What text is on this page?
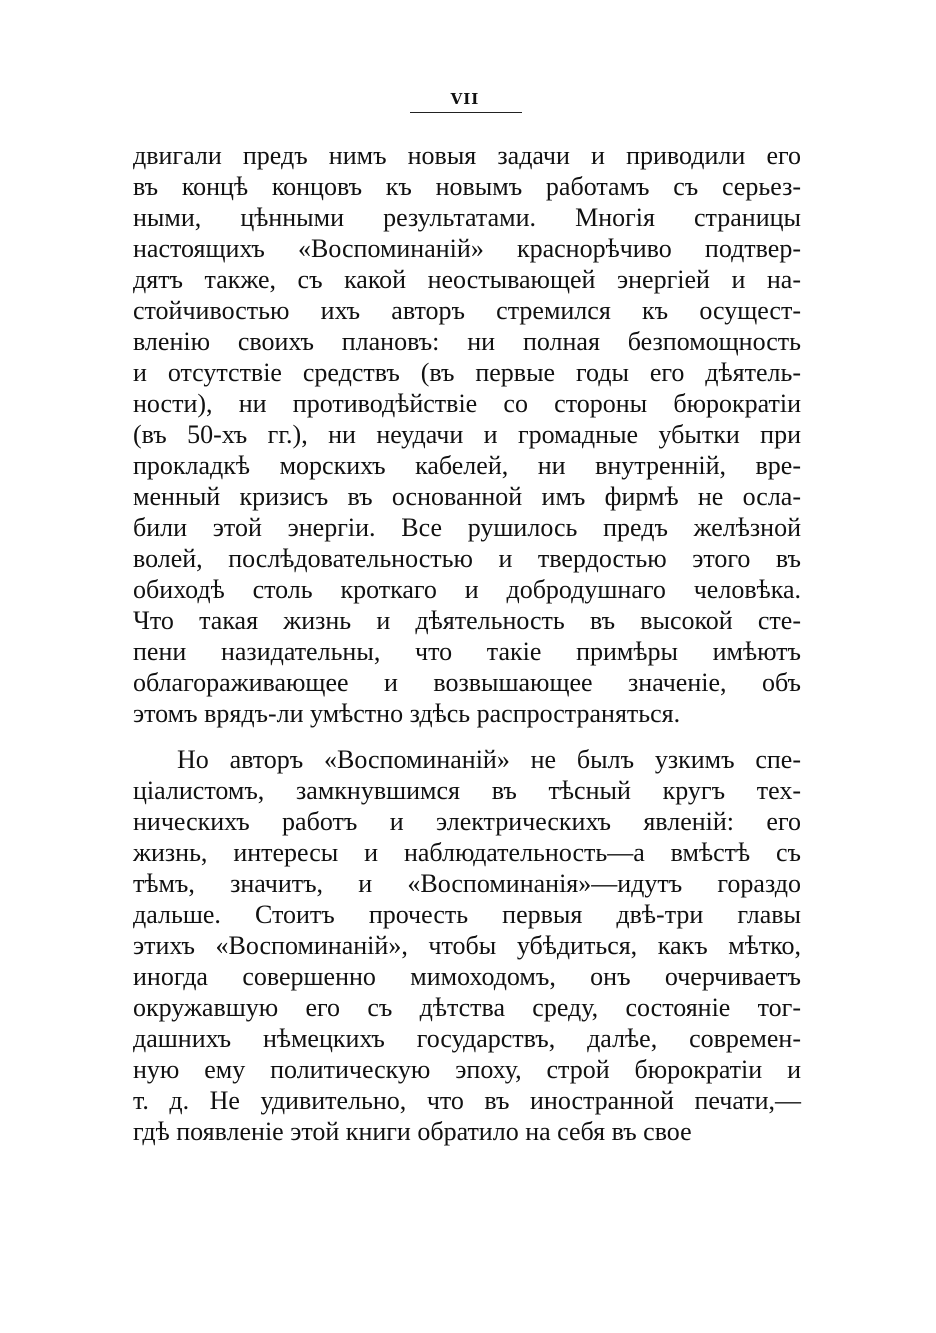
VII
двигали предъ нимъ новыя задачи и приводили его
въ концѣ концовъ къ новымъ работамъ съ серьез-
ными, цѣнными результатами. Многія страницы
настоящихъ «Воспоминаній» краснорѣчиво подтвер-
дятъ также, съ какой неостывающей энергіей и на-
стойчивостью ихъ авторъ стремился къ осущест-
вленію своихъ плановъ: ни полная безпомощность
и отсутствіе средствъ (въ первые годы его дѣятель-
ности), ни противодѣйствіе со стороны бюрократіи
(въ 50-хъ гг.), ни неудачи и громадные убытки при
прокладкѣ морскихъ кабелей, ни внутренній, вре-
менный кризисъ въ основанной имъ фирмѣ не осла-
били этой энергіи. Все рушилось предъ желѣзной
волей, послѣдовательностью и твердостью этого въ
обиходѣ столь кроткаго и добродушнаго человѣка.
Что такая жизнь и дѣятельность въ высокой сте-
пени назидательны, что такіе примѣры имѣютъ
облагораживающее и возвышающее значеніе, объ
этомъ врядъ-ли умѣстно здѣсь распространяться.
Но авторъ «Воспоминаній» не былъ узкимъ спе-
ціалистомъ, замкнувшимся въ тѣсный кругъ тех-
ническихъ работъ и электрическихъ явленій: его
жизнь, интересы и наблюдательность—а вмѣстѣ съ
тѣмъ, значитъ, и «Воспоминанія»—идутъ гораздо
дальше. Стоитъ прочесть первыя двѣ-три главы
этихъ «Воспоминаній», чтобы убѣдиться, какъ мѣтко,
иногда совершенно мимоходомъ, онъ очерчиваетъ
окружавшую его съ дѣтства среду, состояніе тог-
дашнихъ нѣмецкихъ государствъ, далѣе, современ-
ную ему политическую эпоху, строй бюрократіи и
т. д. Не удивительно, что въ иностранной печати,—
гдѣ появленіе этой книги обратило на себя въ свое
